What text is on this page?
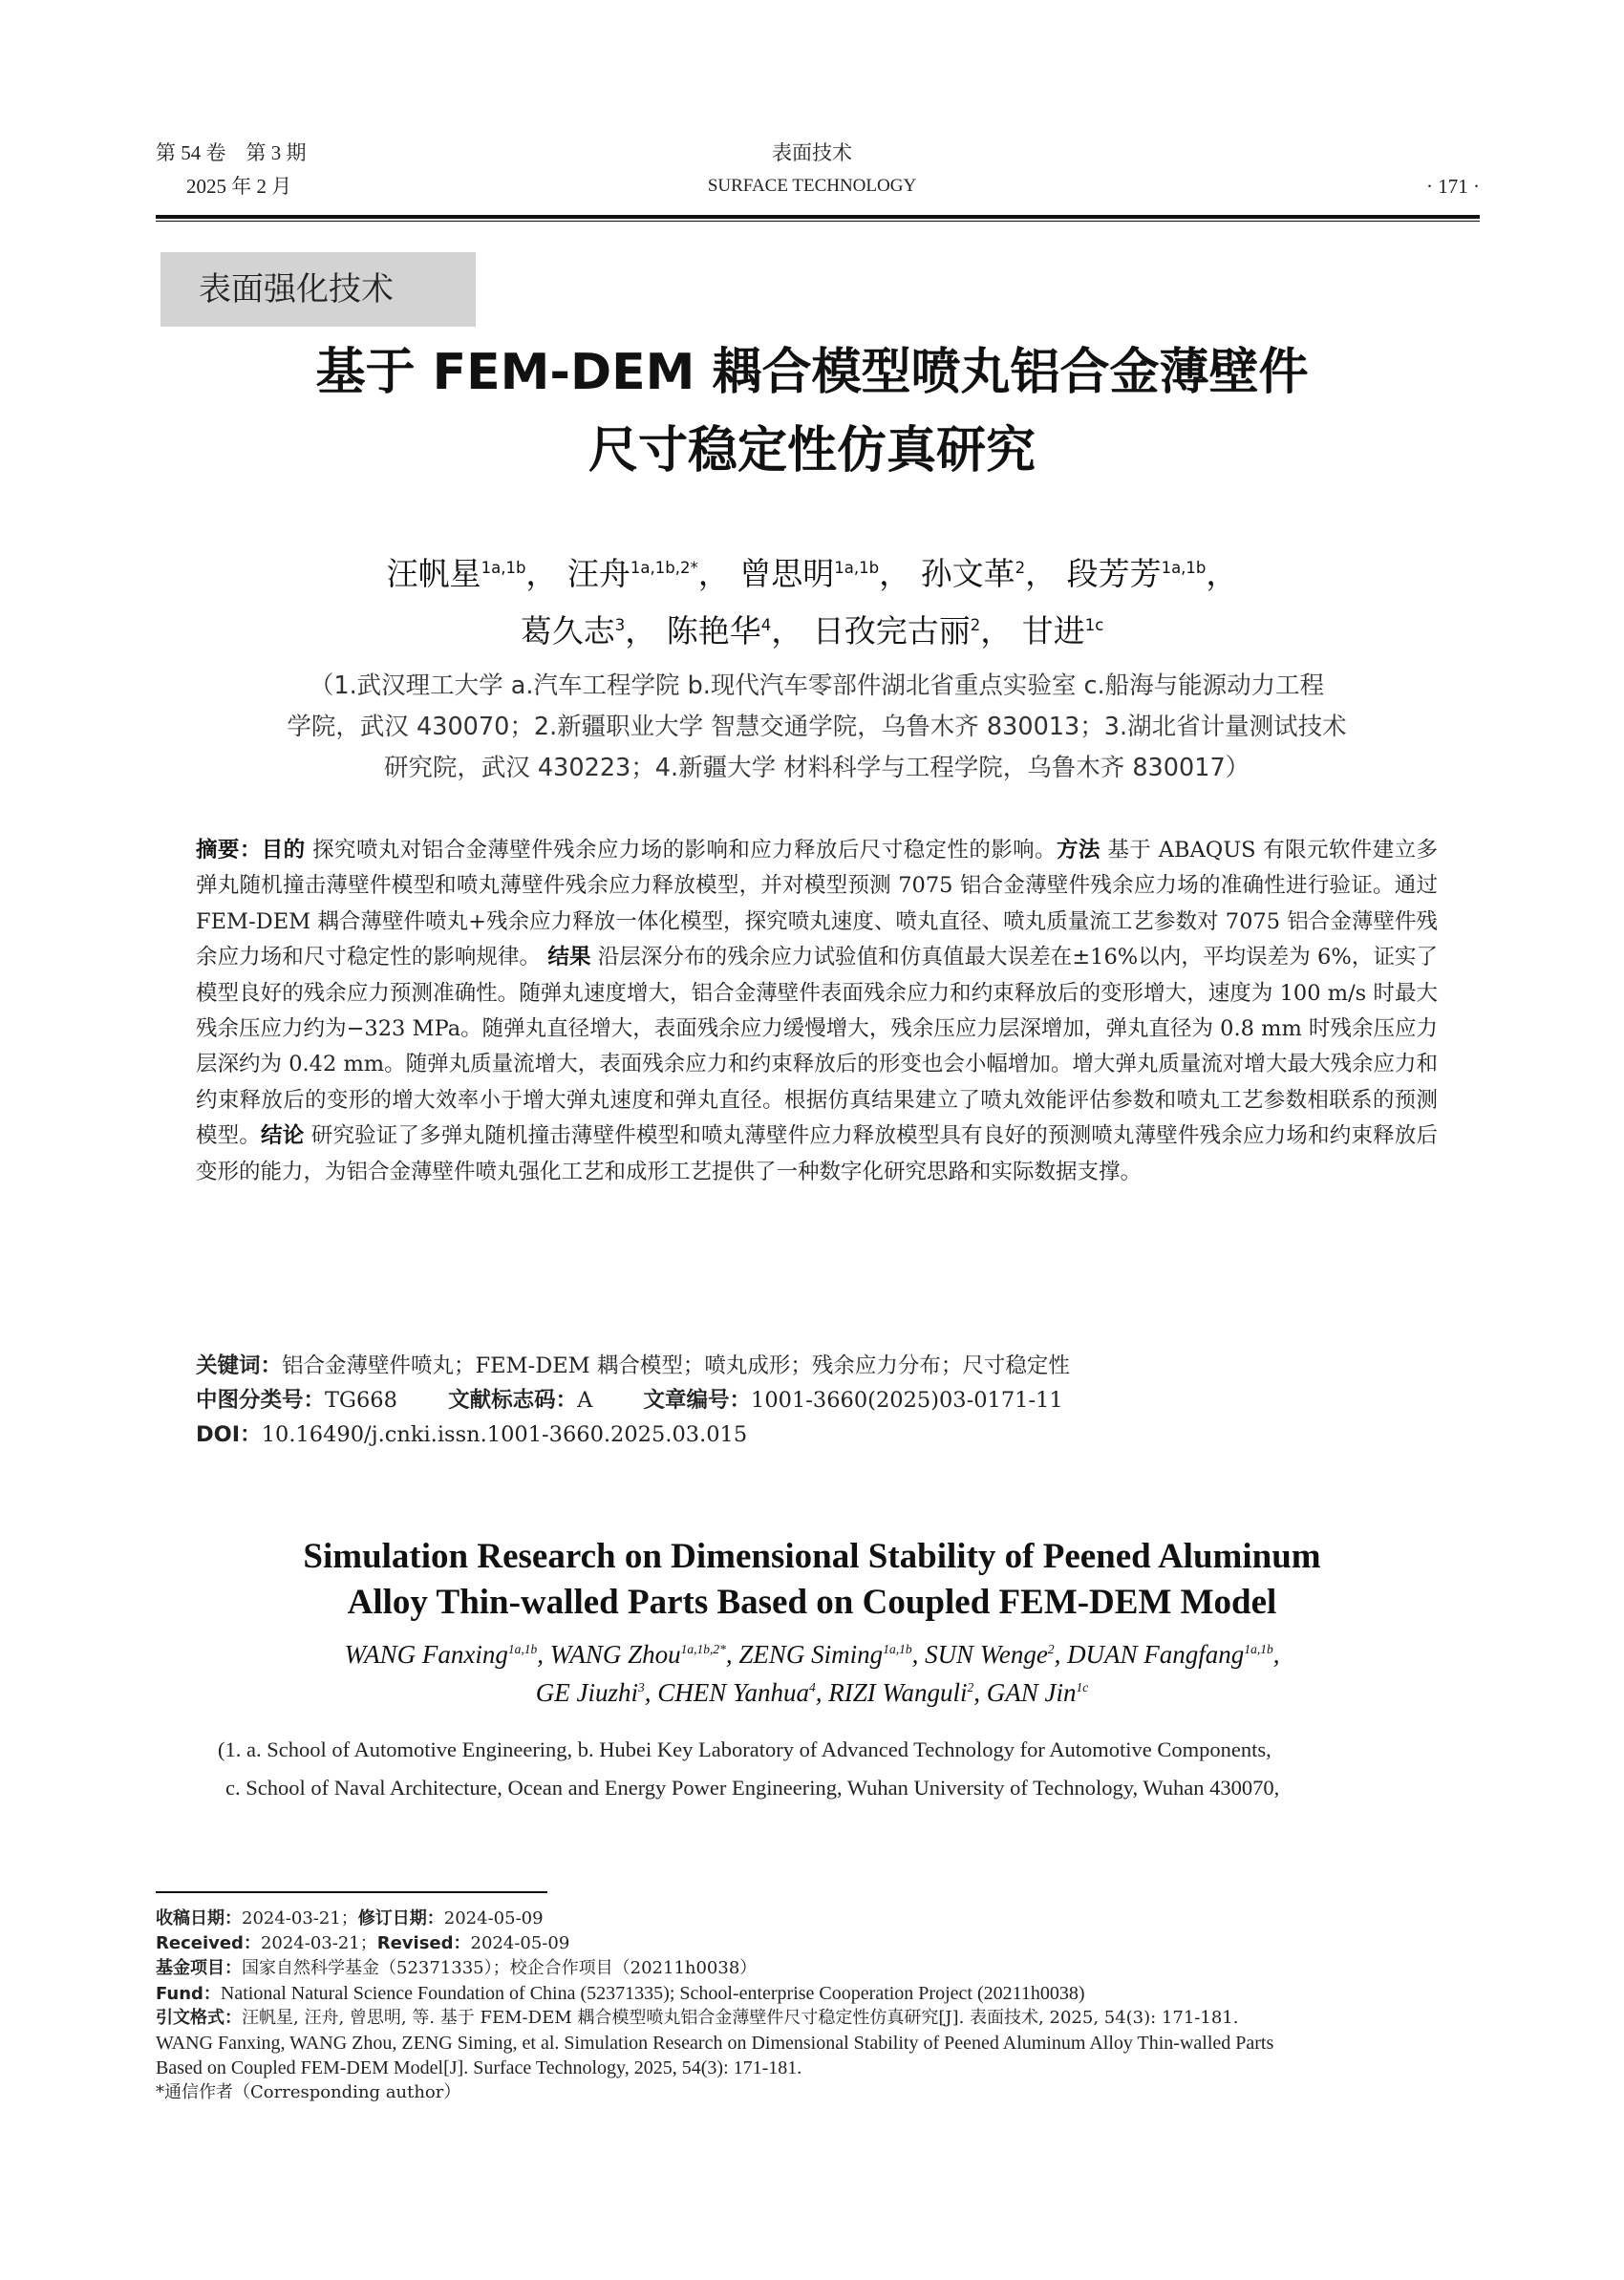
第 54 卷　第 3 期
2025 年 2 月
表面技术
SURFACE TECHNOLOGY	· 171 ·
表面强化技术
基于 FEM-DEM 耦合模型喷丸铝合金薄壁件
尺寸稳定性仿真研究
汪帆星$^{1a,1b}$， 汪舟$^{1a,1b,2*}$， 曾思明$^{1a,1b}$， 孙文革$^2$， 段芳芳$^{1a,1b}$，
葛久志$^3$， 陈艳华$^4$， 日孜完古丽$^2$， 甘进$^{1c}$
（1.武汉理工大学 a.汽车工程学院 b.现代汽车零部件湖北省重点实验室 c.船海与能源动力工程
学院，武汉 430070；2.新疆职业大学 智慧交通学院，乌鲁木齐 830013；3.湖北省计量测试技术
研究院，武汉 430223；4.新疆大学 材料科学与工程学院，乌鲁木齐 830017）
摘要：目的 探究喷丸对铝合金薄壁件残余应力场的影响和应力释放后尺寸稳定性的影响。方法 基于 ABAQUS 有限元软件建立多弹丸随机撞击薄壁件模型和喷丸薄壁件残余应力释放模型，并对模型预测 7075 铝合金薄壁件残余应力场的准确性进行验证。通过 FEM-DEM 耦合薄壁件喷丸+残余应力释放一体化模型，探究喷丸速度、喷丸直径、喷丸质量流工艺参数对 7075 铝合金薄壁件残余应力场和尺寸稳定性的影响规律。 结果 沿层深分布的残余应力试验值和仿真值最大误差在±16%以内，平均误差为 6%，证实了模型良好的残余应力预测准确性。随弹丸速度增大，铝合金薄壁件表面残余应力和约束释放后的变形增大，速度为 100 m/s 时最大残余压应力约为−323 MPa。随弹丸直径增大，表面残余应力缓慢增大，残余压应力层深增加，弹丸直径为 0.8 mm 时残余压应力层深约为 0.42 mm。随弹丸质量流增大，表面残余应力和约束释放后的形变也会小幅增加。增大弹丸质量流对增大最大残余应力和约束释放后的变形的增大效率小于增大弹丸速度和弹丸直径。根据仿真结果建立了喷丸效能评估参数和喷丸工艺参数相联系的预测模型。结论 研究验证了多弹丸随机撞击薄壁件模型和喷丸薄壁件应力释放模型具有良好的预测喷丸薄壁件残余应力场和约束释放后变形的能力，为铝合金薄壁件喷丸强化工艺和成形工艺提供了一种数字化研究思路和实际数据支撑。
关键词：铝合金薄壁件喷丸；FEM-DEM 耦合模型；喷丸成形；残余应力分布；尺寸稳定性
中图分类号：TG668 文献标志码：A 文章编号：1001-3660(2025)03-0171-11
DOI：10.16490/j.cnki.issn.1001-3660.2025.03.015
Simulation Research on Dimensional Stability of Peened Aluminum
Alloy Thin-walled Parts Based on Coupled FEM-DEM Model
WANG Fanxing$^{1a,1b}$, WANG Zhou$^{1a,1b,2*}$, ZENG Siming$^{1a,1b}$, SUN Wenge$^2$, DUAN Fangfang$^{1a,1b}$,
GE Jiuzhi$^3$, CHEN Yanhua$^4$, RIZI Wanguli$^2$, GAN Jin$^{1c}$
(1. a. School of Automotive Engineering, b. Hubei Key Laboratory of Advanced Technology for Automotive Components,
c. School of Naval Architecture, Ocean and Energy Power Engineering, Wuhan University of Technology, Wuhan 430070,
收稿日期：2024-03-21；修订日期：2024-05-09
Received：2024-03-21；Revised：2024-05-09
基金项目：国家自然科学基金（52371335）；校企合作项目（20211h0038）
Fund：National Natural Science Foundation of China (52371335); School-enterprise Cooperation Project (20211h0038)
引文格式：汪帆星, 汪舟, 曾思明, 等. 基于 FEM-DEM 耦合模型喷丸铝合金薄壁件尺寸稳定性仿真研究[J]. 表面技术, 2025, 54(3): 171-181.
WANG Fanxing, WANG Zhou, ZENG Siming, et al. Simulation Research on Dimensional Stability of Peened Aluminum Alloy Thin-walled Parts
Based on Coupled FEM-DEM Model[J]. Surface Technology, 2025, 54(3): 171-181.
*通信作者（Corresponding author）
